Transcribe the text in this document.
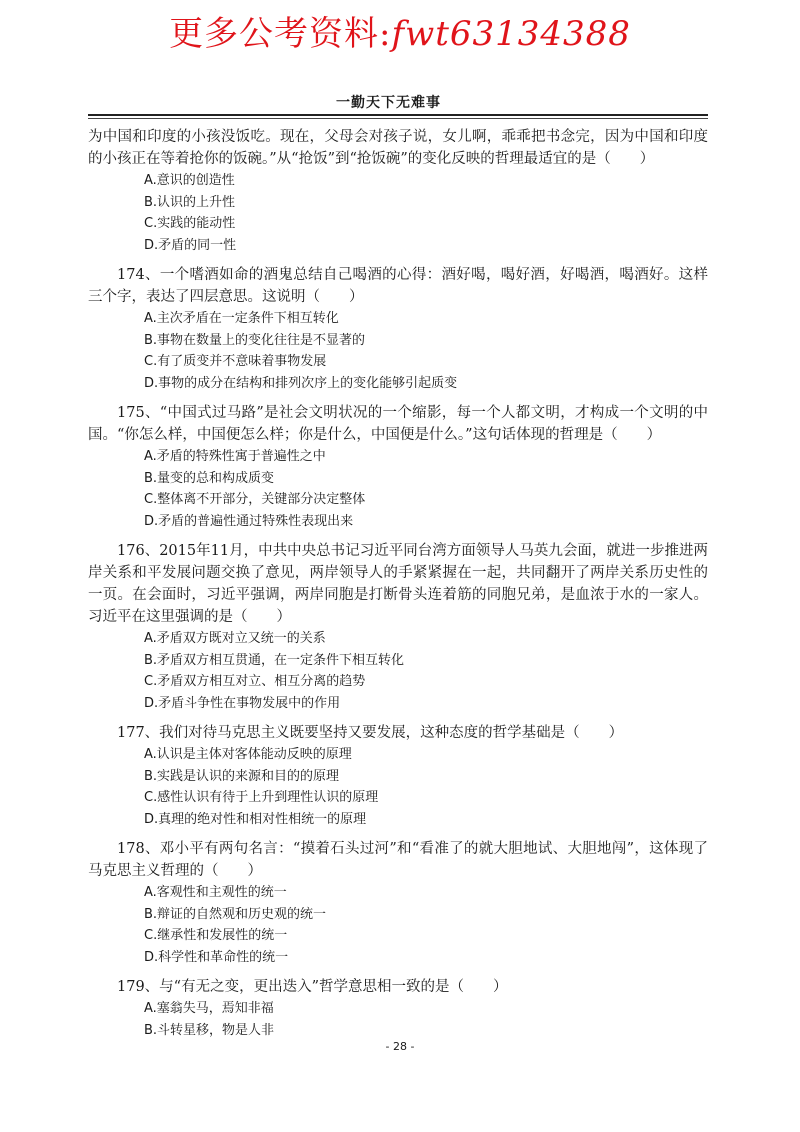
更多公考资料:fwt63134388
一勤天下无难事

为中国和印度的小孩没饭吃。现在，父母会对孩子说，女儿啊，乖乖把书念完，因为中国和印度的小孩正在等着抢你的饭碗。”从“抢饭”到“抢饭碗”的变化反映的哲理最适宜的是（　　）

A.意识的创造性
B.认识的上升性
C.实践的能动性
D.矛盾的同一性

174、一个嗜酒如命的酒鬼总结自己喝酒的心得：酒好喝，喝好酒，好喝酒，喝酒好。这样三个字，表达了四层意思。这说明（　　）

A.主次矛盾在一定条件下相互转化
B.事物在数量上的变化往往是不显著的
C.有了质变并不意味着事物发展
D.事物的成分在结构和排列次序上的变化能够引起质变

175、“中国式过马路”是社会文明状况的一个缩影，每一个人都文明，才构成一个文明的中国。“你怎么样，中国便怎么样；你是什么，中国便是什么。”这句话体现的哲理是（　　）

A.矛盾的特殊性寓于普遍性之中
B.量变的总和构成质变
C.整体离不开部分，关键部分决定整体
D.矛盾的普遍性通过特殊性表现出来

176、2015年11月，中共中央总书记习近平同台湾方面领导人马英九会面，就进一步推进两岸关系和平发展问题交换了意见，两岸领导人的手紧紧握在一起，共同翻开了两岸关系历史性的一页。在会面时，习近平强调，两岸同胞是打断骨头连着筋的同胞兄弟，是血浓于水的一家人。习近平在这里强调的是（　　）

A.矛盾双方既对立又统一的关系
B.矛盾双方相互贯通，在一定条件下相互转化
C.矛盾双方相互对立、相互分离的趋势
D.矛盾斗争性在事物发展中的作用

177、我们对待马克思主义既要坚持又要发展，这种态度的哲学基础是（　　）

A.认识是主体对客体能动反映的原理
B.实践是认识的来源和目的的原理
C.感性认识有待于上升到理性认识的原理
D.真理的绝对性和相对性相统一的原理

178、邓小平有两句名言：“摸着石头过河”和“看准了的就大胆地试、大胆地闯”，这体现了马克思主义哲理的（　　）

A.客观性和主观性的统一
B.辩证的自然观和历史观的统一
C.继承性和发展性的统一
D.科学性和革命性的统一

179、与“有无之变，更出迭入”哲学意思相一致的是（　　）

A.塞翁失马，焉知非福
B.斗转星移，物是人非
- 28 -
